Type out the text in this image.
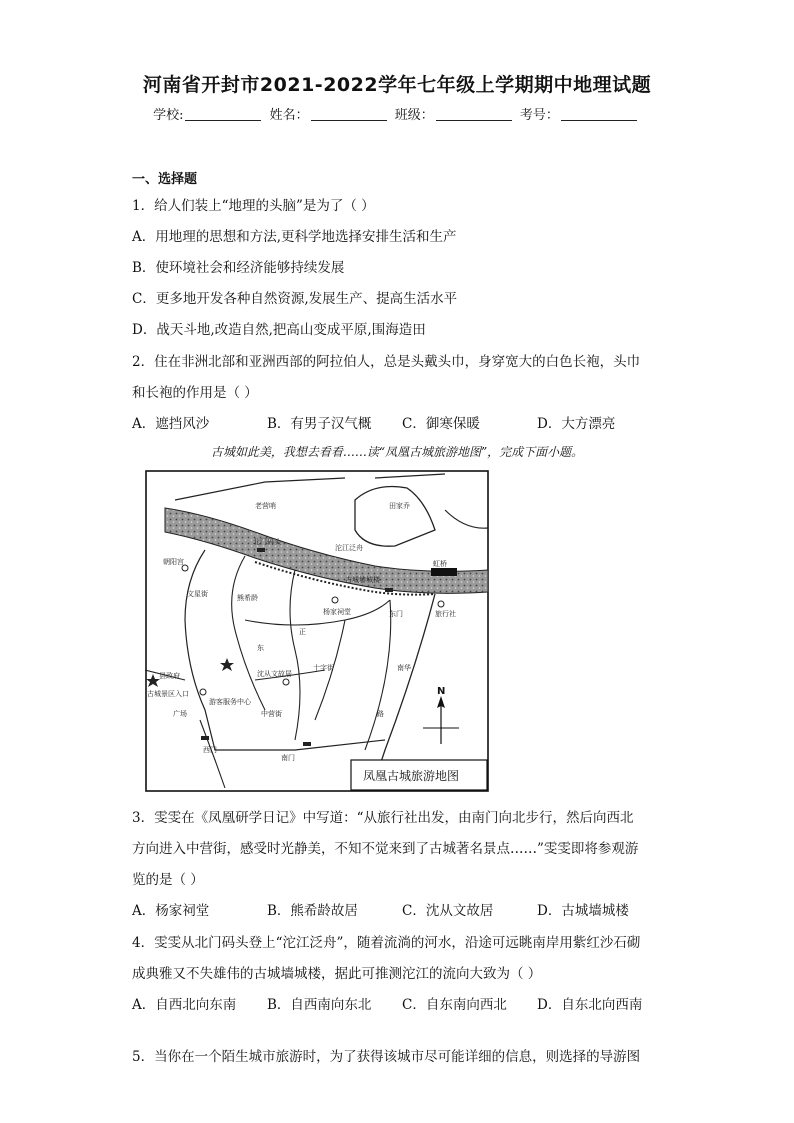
河南省开封市2021-2022学年七年级上学期期中地理试题
学校:	姓名：	班级：	考号：
一、选择题
1．给人们装上“地理的头脑”是为了（ ）
A．用地理的思想和方法,更科学地选择安排生活和生产
B．使环境社会和经济能够持续发展
C．更多地开发各种自然资源,发展生产、提高生活水平
D．战天斗地,改造自然,把高山变成平原,围海造田
2．住在非洲北部和亚洲西部的阿拉伯人，总是头戴头巾，身穿宽大的白色长袍，头巾
和长袍的作用是（ ）
A．遮挡风沙	B．有男子汉气概	C．御寒保暖	D．大方漂亮
古城如此美，我想去看看……读“凤凰古城旅游地图”，完成下面小题。
沱江泛舟
北门码头
古城墙城楼
虹桥
田家乔
老营哨
朝阳宫
文星街
杨家祠堂	东门	旅行社
熊希龄
县政府
古城景区入口
广场
游客服务中心
沈从文故居
十字街
中营街
东
正
西门
南门
南华
路
N
凤凰古城旅游地图
3．雯雯在《凤凰研学日记》中写道：“从旅行社出发，由南门向北步行，然后向西北
方向进入中营街，感受时光静美，不知不觉来到了古城著名景点……”雯雯即将参观游
览的是（ ）
A．杨家祠堂	B．熊希龄故居	C．沈从文故居	D．古城墙城楼
4．雯雯从北门码头登上“沱江泛舟”，随着流淌的河水，沿途可远眺南岸用紫红沙石砌
成典雅又不失雄伟的古城墙城楼，据此可推测沱江的流向大致为（ ）
A．自西北向东南	B．自西南向东北	C．自东南向西北	D．自东北向西南
5．当你在一个陌生城市旅游时，为了获得该城市尽可能详细的信息，则选择的导游图
